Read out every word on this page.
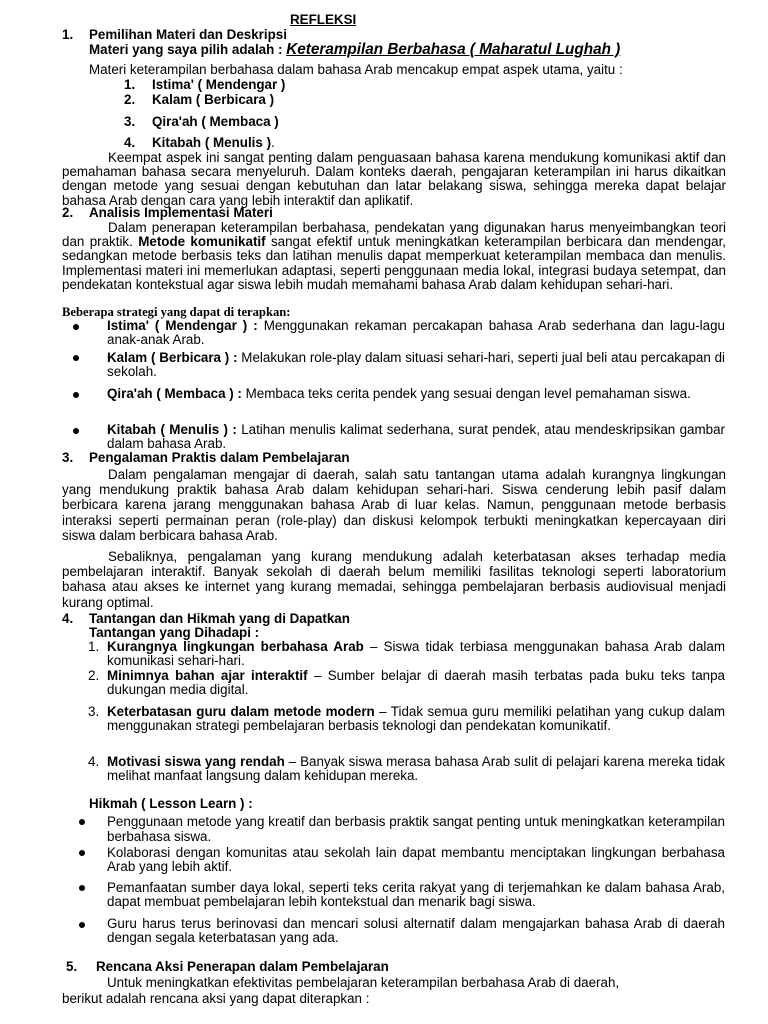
REFLEKSI

1. Pemilihan Materi dan Deskripsi

Materi yang saya pilih adalah : Keterampilan Berbahasa ( Maharatul Lughah )

Materi keterampilan berbahasa dalam bahasa Arab mencakup empat aspek utama, yaitu :

1. Istima' ( Mendengar )

2. Kalam ( Berbicara )

3. Qira'ah ( Membaca )

4. Kitabah ( Menulis ).

Keempat aspek ini sangat penting dalam penguasaan bahasa karena mendukung komunikasi aktif dan pemahaman bahasa secara menyeluruh. Dalam konteks daerah, pengajaran keterampilan ini harus dikaitkan dengan metode yang sesuai dengan kebutuhan dan latar belakang siswa, sehingga mereka dapat belajar bahasa Arab dengan cara yang lebih interaktif dan aplikatif.

2. Analisis Implementasi Materi

Dalam penerapan keterampilan berbahasa, pendekatan yang digunakan harus menyeimbangkan teori dan praktik. Metode komunikatif sangat efektif untuk meningkatkan keterampilan berbicara dan mendengar, sedangkan metode berbasis teks dan latihan menulis dapat memperkuat keterampilan membaca dan menulis. Implementasi materi ini memerlukan adaptasi, seperti penggunaan media lokal, integrasi budaya setempat, dan pendekatan kontekstual agar siswa lebih mudah memahami bahasa Arab dalam kehidupan sehari-hari.

Beberapa strategi yang dapat di terapkan:

Istima' ( Mendengar ) : Menggunakan rekaman percakapan bahasa Arab sederhana dan lagu-lagu anak-anak Arab.

Kalam ( Berbicara ) : Melakukan role-play dalam situasi sehari-hari, seperti jual beli atau percakapan di sekolah.

Qira'ah ( Membaca ) : Membaca teks cerita pendek yang sesuai dengan level pemahaman siswa.

Kitabah ( Menulis ) : Latihan menulis kalimat sederhana, surat pendek, atau mendeskripsikan gambar dalam bahasa Arab.

3. Pengalaman Praktis dalam Pembelajaran

Dalam pengalaman mengajar di daerah, salah satu tantangan utama adalah kurangnya lingkungan yang mendukung praktik bahasa Arab dalam kehidupan sehari-hari. Siswa cenderung lebih pasif dalam berbicara karena jarang menggunakan bahasa Arab di luar kelas. Namun, penggunaan metode berbasis interaksi seperti permainan peran (role-play) dan diskusi kelompok terbukti meningkatkan kepercayaan diri siswa dalam berbicara bahasa Arab.

Sebaliknya, pengalaman yang kurang mendukung adalah keterbatasan akses terhadap media pembelajaran interaktif. Banyak sekolah di daerah belum memiliki fasilitas teknologi seperti laboratorium bahasa atau akses ke internet yang kurang memadai, sehingga pembelajaran berbasis audiovisual menjadi kurang optimal.

4. Tantangan dan Hikmah yang di Dapatkan

Tantangan yang Dihadapi :

1. Kurangnya lingkungan berbahasa Arab – Siswa tidak terbiasa menggunakan bahasa Arab dalam komunikasi sehari-hari.

2. Minimnya bahan ajar interaktif – Sumber belajar di daerah masih terbatas pada buku teks tanpa dukungan media digital.

3. Keterbatasan guru dalam metode modern – Tidak semua guru memiliki pelatihan yang cukup dalam menggunakan strategi pembelajaran berbasis teknologi dan pendekatan komunikatif.

4. Motivasi siswa yang rendah – Banyak siswa merasa bahasa Arab sulit di pelajari karena mereka tidak melihat manfaat langsung dalam kehidupan mereka.

Hikmah ( Lesson Learn ) :

Penggunaan metode yang kreatif dan berbasis praktik sangat penting untuk meningkatkan keterampilan berbahasa siswa.

Kolaborasi dengan komunitas atau sekolah lain dapat membantu menciptakan lingkungan berbahasa Arab yang lebih aktif.

Pemanfaatan sumber daya lokal, seperti teks cerita rakyat yang di terjemahkan ke dalam bahasa Arab, dapat membuat pembelajaran lebih kontekstual dan menarik bagi siswa.

Guru harus terus berinovasi dan mencari solusi alternatif dalam mengajarkan bahasa Arab di daerah dengan segala keterbatasan yang ada.

5. Rencana Aksi Penerapan dalam Pembelajaran

Untuk meningkatkan efektivitas pembelajaran keterampilan berbahasa Arab di daerah,

berikut adalah rencana aksi yang dapat diterapkan :
